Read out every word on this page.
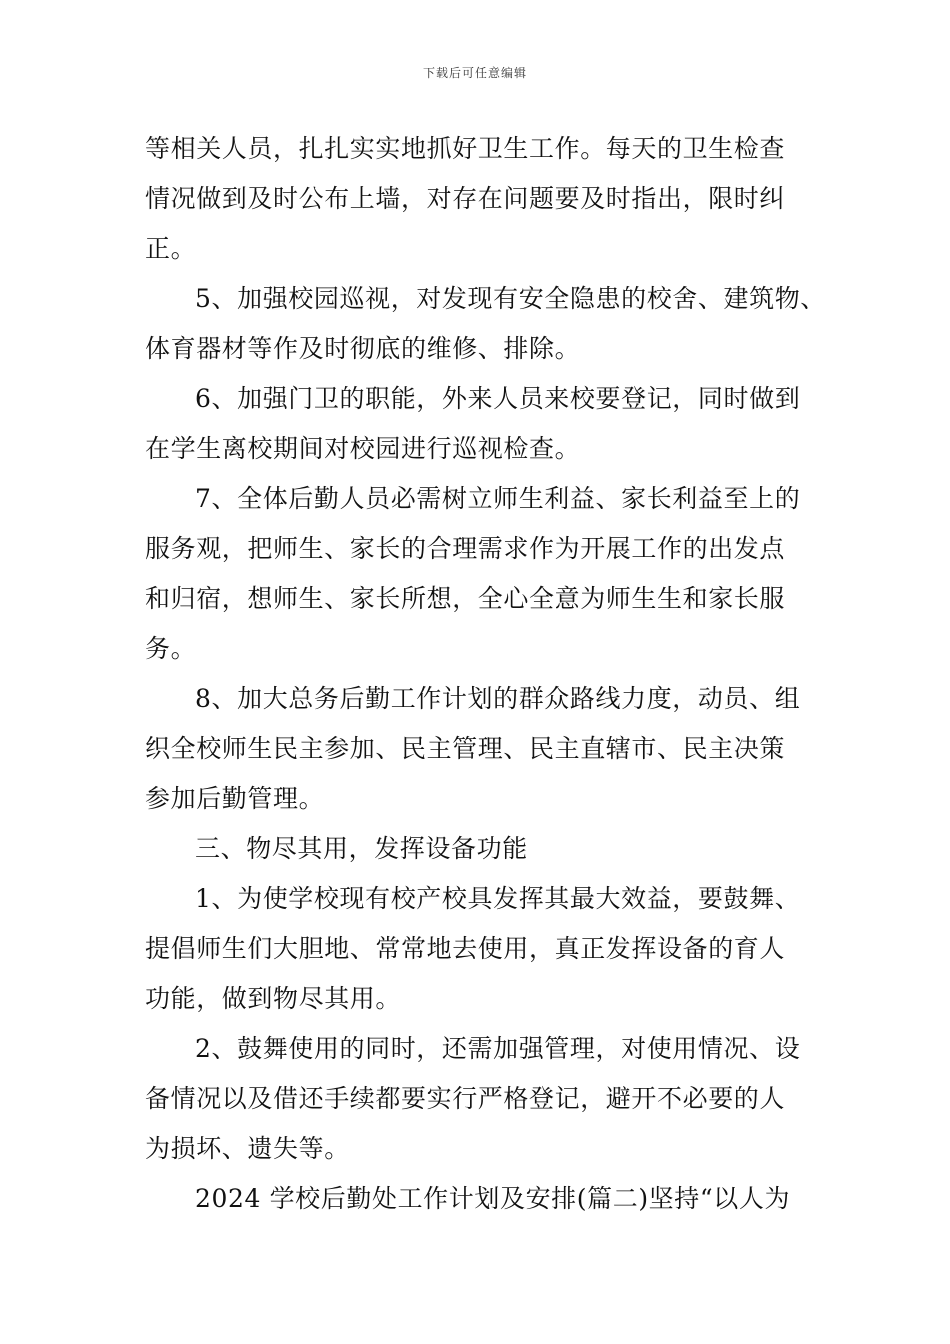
下载后可任意编辑
等相关人员，扎扎实实地抓好卫生工作。每天的卫生检查
情况做到及时公布上墙，对存在问题要及时指出，限时纠
正。
5、加强校园巡视，对发现有安全隐患的校舍、建筑物、
体育器材等作及时彻底的维修、排除。
6、加强门卫的职能，外来人员来校要登记，同时做到
在学生离校期间对校园进行巡视检查。
7、全体后勤人员必需树立师生利益、家长利益至上的
服务观，把师生、家长的合理需求作为开展工作的出发点
和归宿，想师生、家长所想，全心全意为师生生和家长服
务。
8、加大总务后勤工作计划的群众路线力度，动员、组
织全校师生民主参加、民主管理、民主直辖市、民主决策
参加后勤管理。
三、物尽其用，发挥设备功能
1、为使学校现有校产校具发挥其最大效益，要鼓舞、
提倡师生们大胆地、常常地去使用，真正发挥设备的育人
功能，做到物尽其用。
2、鼓舞使用的同时，还需加强管理，对使用情况、设
备情况以及借还手续都要实行严格登记，避开不必要的人
为损坏、遗失等。
2024 学校后勤处工作计划及安排(篇二)坚持“以人为
